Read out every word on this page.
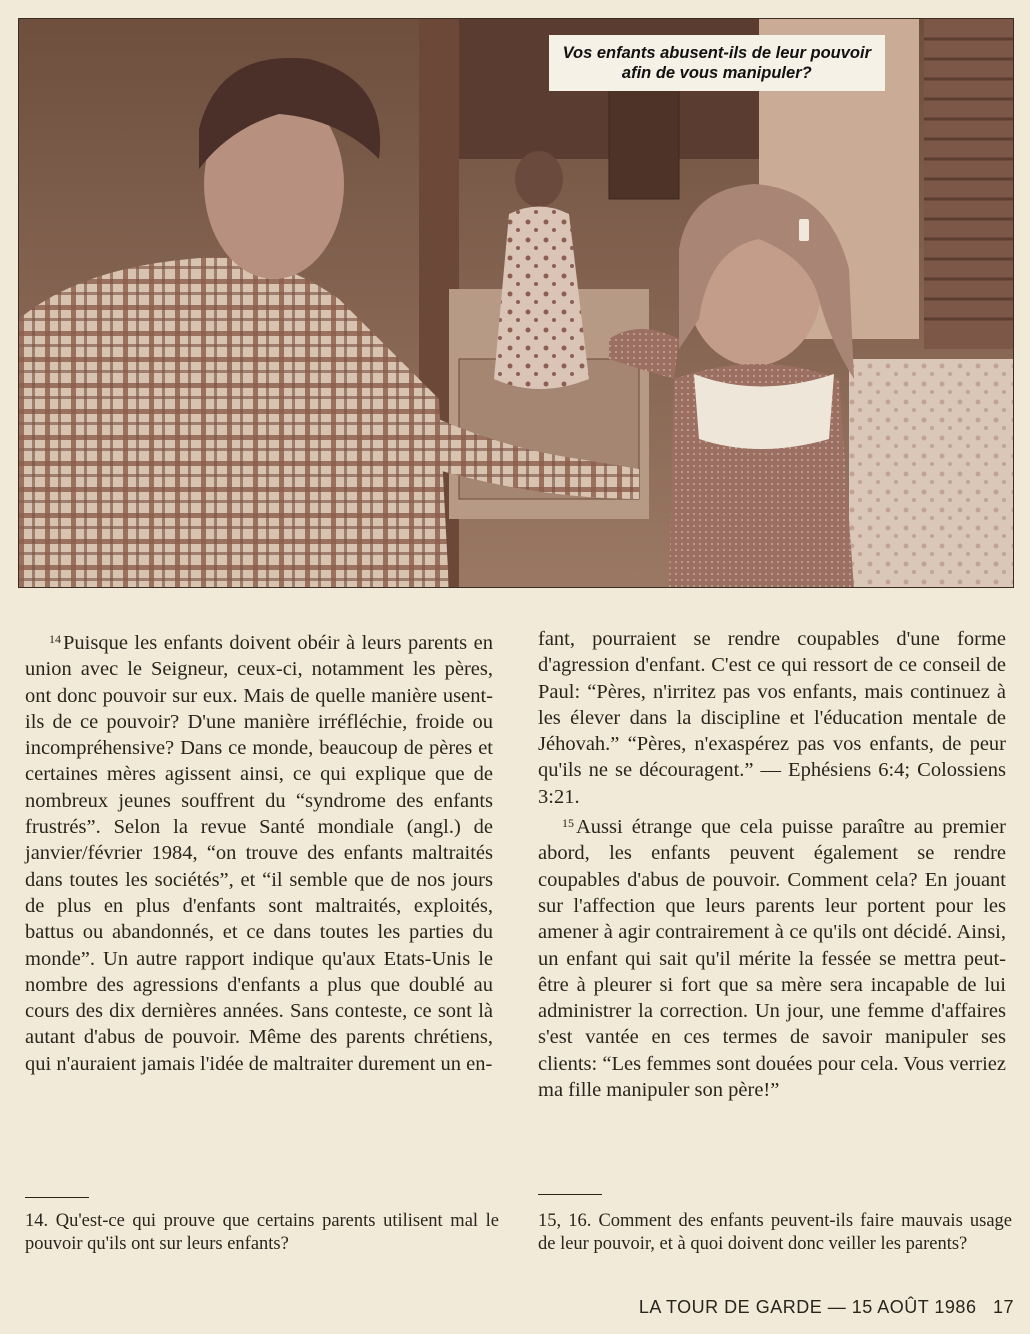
Vos enfants abusent-ils de leur pouvoir
afin de vous manipuler?

$^{14}$Puisque les enfants doivent obéir à leurs parents en union avec le Seigneur, ceux-ci, notamment les pères, ont donc pouvoir sur eux. Mais de quelle manière usent-ils de ce pouvoir? D'une manière irréfléchie, froide ou incompréhensive? Dans ce monde, beaucoup de pères et certaines mères agissent ainsi, ce qui explique que de nombreux jeunes souffrent du “syndrome des enfants frustrés”. Selon la revue Santé mondiale (angl.) de janvier/février 1984, “on trouve des enfants maltraités dans toutes les sociétés”, et “il semble que de nos jours de plus en plus d'enfants sont maltraités, exploités, battus ou abandonnés, et ce dans toutes les parties du monde”. Un autre rapport indique qu'aux Etats-Unis le nombre des agressions d'enfants a plus que doublé au cours des dix dernières années. Sans conteste, ce sont là autant d'abus de pouvoir. Même des parents chrétiens, qui n'auraient jamais l'idée de maltraiter durement un en-

fant, pourraient se rendre coupables d'une forme d'agression d'enfant. C'est ce qui ressort de ce conseil de Paul: “Pères, n'irritez pas vos enfants, mais continuez à les élever dans la discipline et l'éducation mentale de Jéhovah.” “Pères, n'exaspérez pas vos enfants, de peur qu'ils ne se découragent.” — Ephésiens 6:4; Colossiens 3:21.

$^{15}$Aussi étrange que cela puisse paraître au premier abord, les enfants peuvent également se rendre coupables d'abus de pouvoir. Comment cela? En jouant sur l'affection que leurs parents leur portent pour les amener à agir contrairement à ce qu'ils ont décidé. Ainsi, un enfant qui sait qu'il mérite la fessée se mettra peut-être à pleurer si fort que sa mère sera incapable de lui administrer la correction. Un jour, une femme d'affaires s'est vantée en ces termes de savoir manipuler ses clients: “Les femmes sont douées pour cela. Vous verriez ma fille manipuler son père!”

14. Qu'est-ce qui prouve que certains parents utilisent mal le pouvoir qu'ils ont sur leurs enfants?
15, 16. Comment des enfants peuvent-ils faire mauvais usage de leur pouvoir, et à quoi doivent donc veiller les parents?
LA TOUR DE GARDE — 15 AOÛT 1986 17
